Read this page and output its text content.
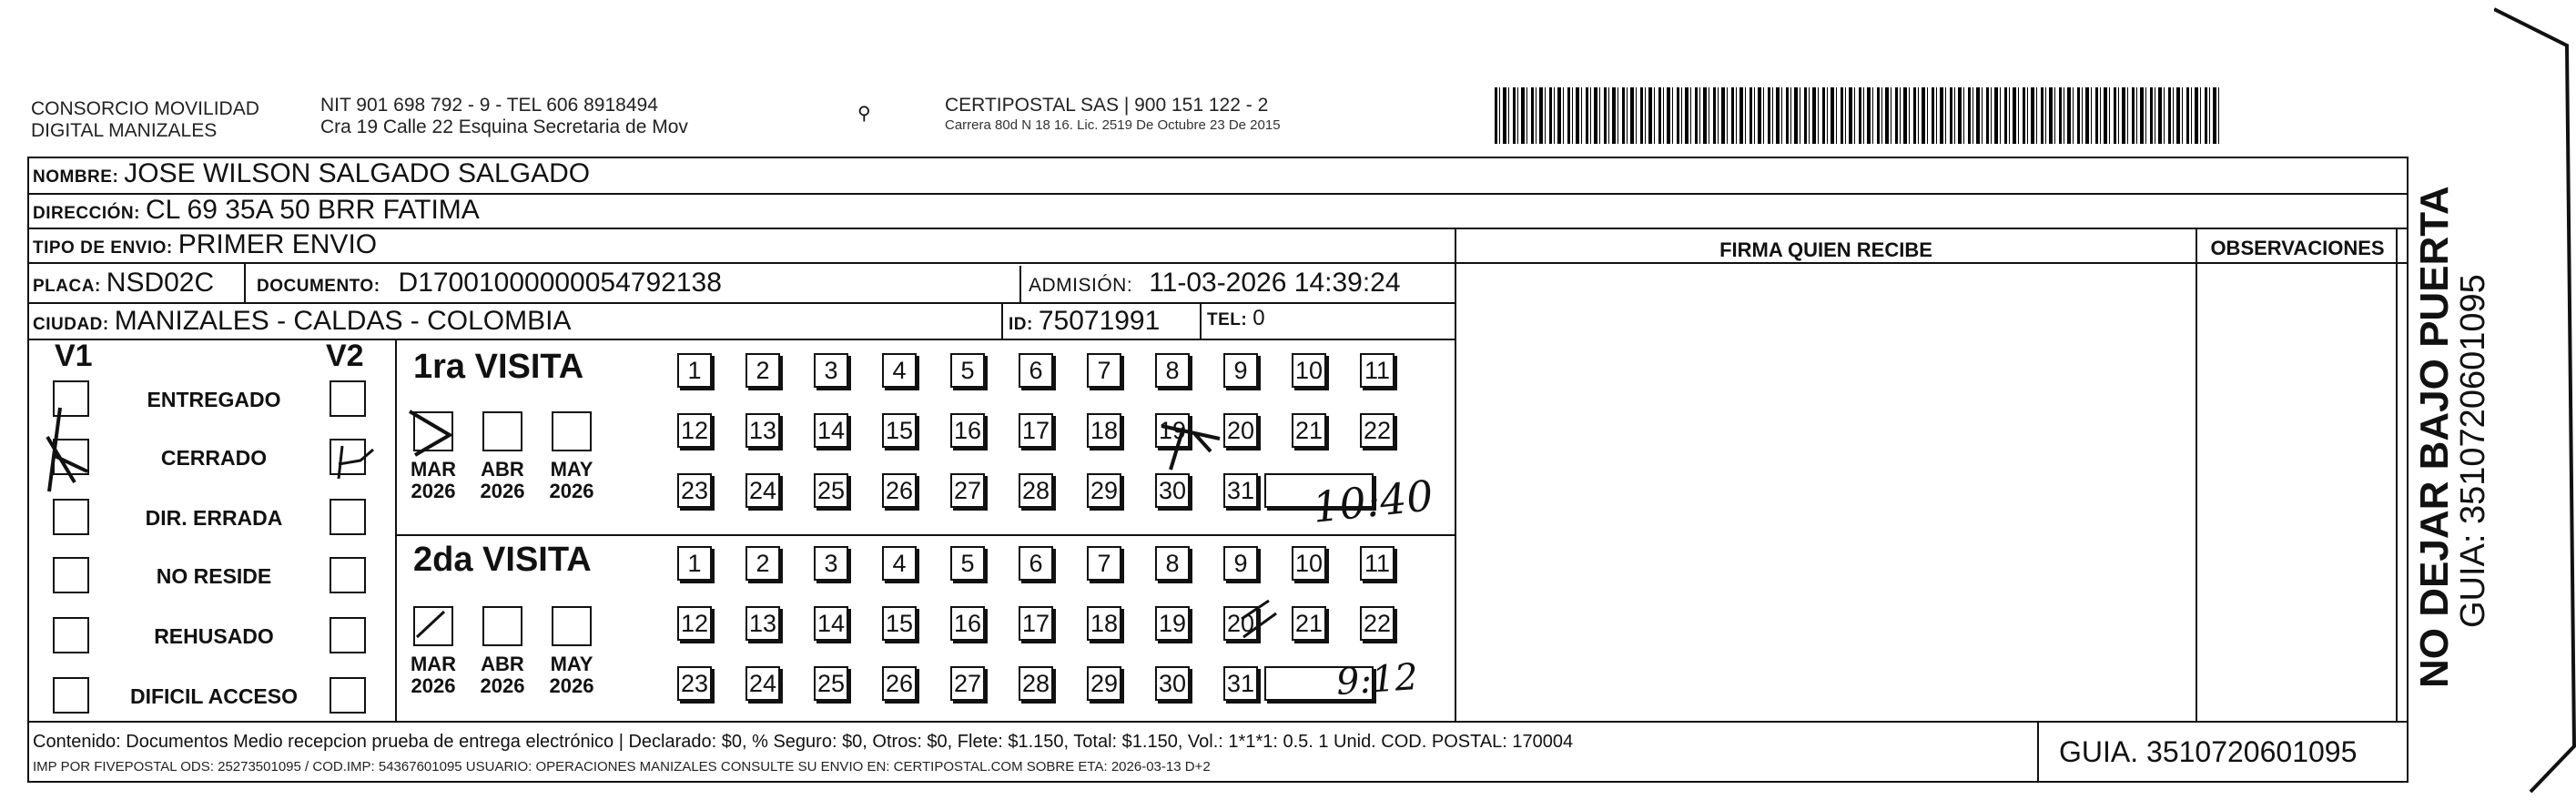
CONSORCIO MOVILIDAD
DIGITAL MANIZALES
NIT 901 698 792 - 9 - TEL 606 8918494
Cra 19 Calle 22 Esquina Secretaria de Mov
⚲	CERTIPOSTAL SAS | 900 151 122 - 2
Carrera 80d N 18 16. Lic. 2519 De Octubre 23 De 2015
NOMBRE: JOSE WILSON SALGADO SALGADO
DIRECCIÓN: CL 69 35A 50 BRR FATIMA
TIPO DE ENVIO: PRIMER ENVIO	FIRMA QUIEN RECIBE	OBSERVACIONES
PLACA: NSD02C DOCUMENTO: D17001000000054792138	ADMISIÓN: 11-03-2026 14:39:24
CIUDAD: MANIZALES - CALDAS - COLOMBIA	ID: 75071991	TEL: 0
V1	V2
ENTREGADO
CERRADO
DIR. ERRADA
NO RESIDE
REHUSADO
DIFICIL ACCESO
1ra VISITA
2da VISITA
MAR
2026
ABR
2026
MAY
2026
MAR
2026
ABR
2026
MAY
2026
1	2	3	4	5	6	7	8	9	10 11
12 13 14 15 16 17 18 19 20 21 22
23 24 25 26 27 28 29 30 31
1	2	3	4	5	6	7	8	9	10 11
12 13 14 15 16 17 18 19 20 21 22
23 24 25 26 27 28 29 30 31
10:40
9:12
Contenido: Documentos Medio recepcion prueba de entrega electrónico | Declarado: $0, % Seguro: $0, Otros: $0, Flete: $1.150, Total: $1.150, Vol.: 1*1*1: 0.5. 1 Unid. COD. POSTAL: 170004
IMP POR FIVEPOSTAL ODS: 25273501095 / COD.IMP: 54367601095 USUARIO: OPERACIONES MANIZALES CONSULTE SU ENVIO EN: CERTIPOSTAL.COM SOBRE ETA: 2026-03-13 D+2	GUIA. 3510720601095
NO DEJAR BAJO PUERTA
GUIA: 3510720601095
